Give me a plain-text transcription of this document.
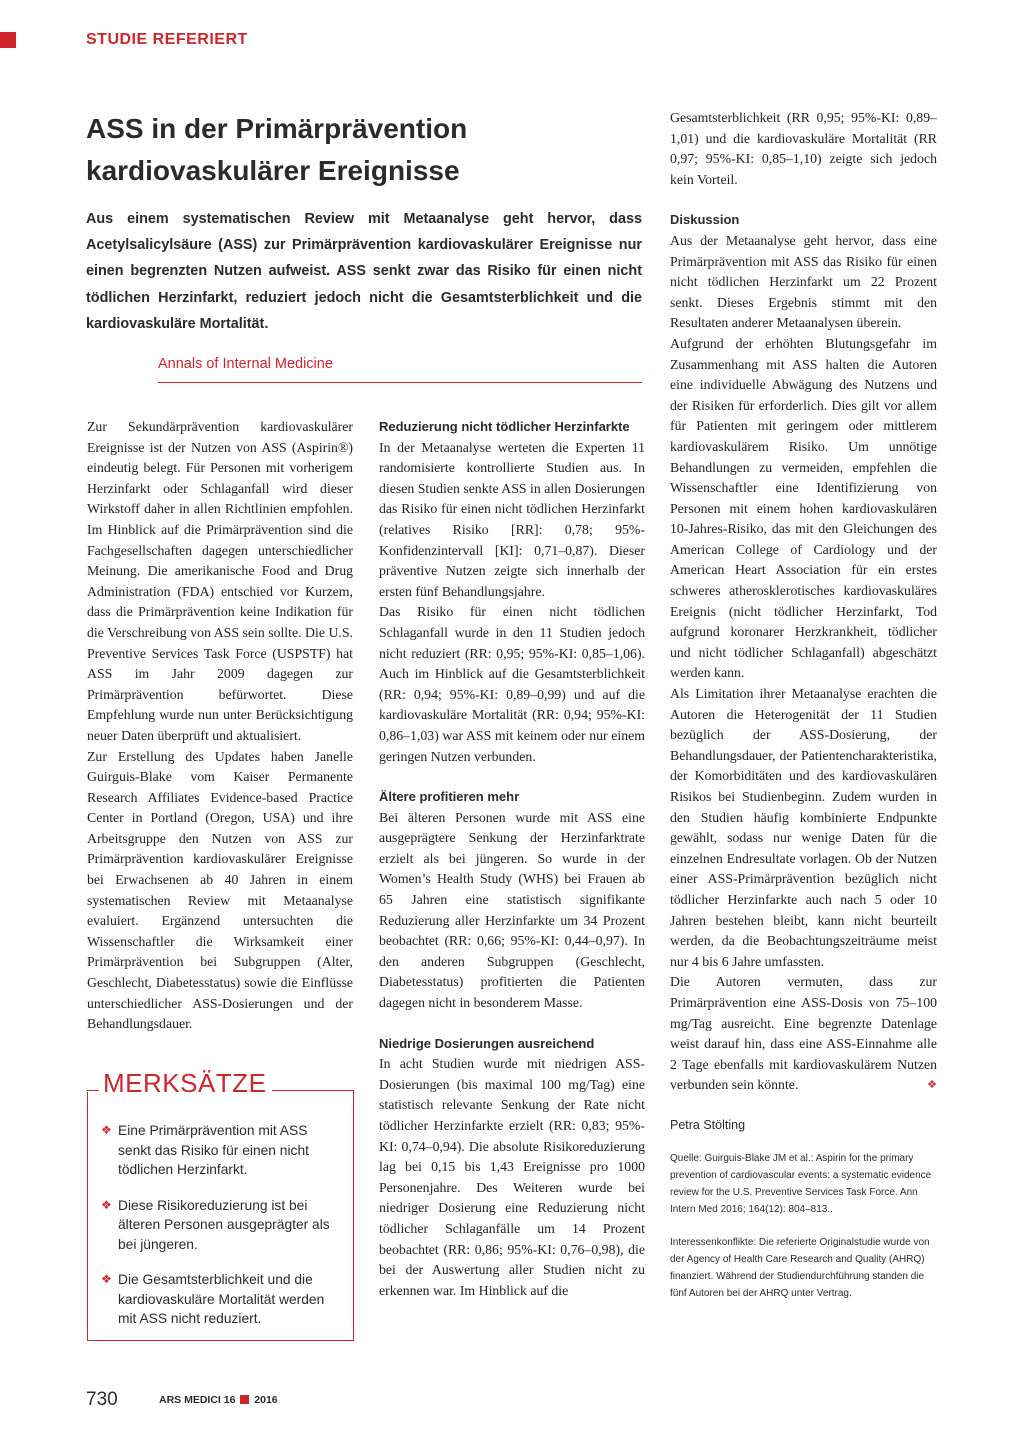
STUDIE REFERIERT
ASS in der Primärprävention kardiovaskulärer Ereignisse

Aus einem systematischen Review mit Metaanalyse geht hervor, dass Acetylsalicylsäure (ASS) zur Primärprävention kardiovaskulärer Ereignisse nur einen begrenzten Nutzen aufweist. ASS senkt zwar das Risiko für einen nicht tödlichen Herzinfarkt, reduziert jedoch nicht die Gesamtsterblichkeit und die kardiovaskuläre Mortalität.

Annals of Internal Medicine

Zur Sekundärprävention kardiovaskulärer Ereignisse ist der Nutzen von ASS (Aspirin®) eindeutig belegt. Für Personen mit vorherigem Herzinfarkt oder Schlaganfall wird dieser Wirkstoff daher in allen Richtlinien empfohlen. Im Hinblick auf die Primärprävention sind die Fachgesellschaften dagegen unterschiedlicher Meinung. Die amerikanische Food and Drug Administration (FDA) entschied vor Kurzem, dass die Primärprävention keine Indikation für die Verschreibung von ASS sein sollte. Die U.S. Preventive Services Task Force (USPSTF) hat ASS im Jahr 2009 dagegen zur Primärprävention befürwortet. Diese Empfehlung wurde nun unter Berücksichtigung neuer Daten überprüft und aktualisiert.

Zur Erstellung des Updates haben Janelle Guirguis-Blake vom Kaiser Permanente Research Affiliates Evidence-based Practice Center in Portland (Oregon, USA) und ihre Arbeitsgruppe den Nutzen von ASS zur Primärprävention kardiovaskulärer Ereignisse bei Erwachsenen ab 40 Jahren in einem systematischen Review mit Metaanalyse evaluiert. Ergänzend untersuchten die Wissenschaftler die Wirksamkeit einer Primärprävention bei Subgruppen (Alter, Geschlecht, Diabetesstatus) sowie die Einflüsse unterschiedlicher ASS-Dosierungen und der Behandlungsdauer.

MERKSÄTZE
❖ Eine Primärprävention mit ASS senkt das Risiko für einen nicht tödlichen Herzinfarkt.
❖ Diese Risikoreduzierung ist bei älteren Personen ausgeprägter als bei jüngeren.
❖ Die Gesamtsterblichkeit und die kardiovaskuläre Mortalität werden mit ASS nicht reduziert.
Reduzierung nicht tödlicher Herzinfarkte

In der Metaanalyse werteten die Experten 11 randomisierte kontrollierte Studien aus. In diesen Studien senkte ASS in allen Dosierungen das Risiko für einen nicht tödlichen Herzinfarkt (relatives Risiko [RR]: 0,78; 95%-Konfidenzintervall [KI]: 0,71–0,87). Dieser präventive Nutzen zeigte sich innerhalb der ersten fünf Behandlungsjahre.

Das Risiko für einen nicht tödlichen Schlaganfall wurde in den 11 Studien jedoch nicht reduziert (RR: 0,95; 95%-KI: 0,85–1,06). Auch im Hinblick auf die Gesamtsterblichkeit (RR: 0,94; 95%-KI: 0,89–0,99) und auf die kardiovaskuläre Mortalität (RR: 0,94; 95%-KI: 0,86–1,03) war ASS mit keinem oder nur einem geringen Nutzen verbunden.

Ältere profitieren mehr

Bei älteren Personen wurde mit ASS eine ausgeprägtere Senkung der Herzinfarktrate erzielt als bei jüngeren. So wurde in der Women’s Health Study (WHS) bei Frauen ab 65 Jahren eine statistisch signifikante Reduzierung aller Herzinfarkte um 34 Prozent beobachtet (RR: 0,66; 95%-KI: 0,44–0,97). In den anderen Subgruppen (Geschlecht, Diabetesstatus) profitierten die Patienten dagegen nicht in besonderem Masse.

Niedrige Dosierungen ausreichend

In acht Studien wurde mit niedrigen ASS-Dosierungen (bis maximal 100 mg/Tag) eine statistisch relevante Senkung der Rate nicht tödlicher Herzinfarkte erzielt (RR: 0,83; 95%-KI: 0,74–0,94). Die absolute Risikoreduzierung lag bei 0,15 bis 1,43 Ereignisse pro 1000 Personenjahre. Des Weiteren wurde bei niedriger Dosierung eine Reduzierung nicht tödlicher Schlaganfälle um 14 Prozent beobachtet (RR: 0,86; 95%-KI: 0,76–0,98), die bei der Auswertung aller Studien nicht zu erkennen war. Im Hinblick auf die

Gesamtsterblichkeit (RR 0,95; 95%-KI: 0,89–1,01) und die kardiovaskuläre Mortalität (RR 0,97; 95%-KI: 0,85–1,10) zeigte sich jedoch kein Vorteil.

Diskussion

Aus der Metaanalyse geht hervor, dass eine Primärprävention mit ASS das Risiko für einen nicht tödlichen Herzinfarkt um 22 Prozent senkt. Dieses Ergebnis stimmt mit den Resultaten anderer Metaanalysen überein.

Aufgrund der erhöhten Blutungsgefahr im Zusammenhang mit ASS halten die Autoren eine individuelle Abwägung des Nutzens und der Risiken für erforderlich. Dies gilt vor allem für Patienten mit geringem oder mittlerem kardiovaskulärem Risiko. Um unnötige Behandlungen zu vermeiden, empfehlen die Wissenschaftler eine Identifizierung von Personen mit einem hohen kardiovaskulären 10-Jahres-Risiko, das mit den Gleichungen des American College of Cardiology und der American Heart Association für ein erstes schweres atherosklerotisches kardiovaskuläres Ereignis (nicht tödlicher Herzinfarkt, Tod aufgrund koronarer Herzkrankheit, tödlicher und nicht tödlicher Schlaganfall) abgeschätzt werden kann.

Als Limitation ihrer Metaanalyse erachten die Autoren die Heterogenität der 11 Studien bezüglich der ASS-Dosierung, der Behandlungsdauer, der Patientencharakteristika, der Komorbiditäten und des kardiovaskulären Risikos bei Studienbeginn. Zudem wurden in den Studien häufig kombinierte Endpunkte gewählt, sodass nur wenige Daten für die einzelnen Endresultate vorlagen. Ob der Nutzen einer ASS-Primärprävention bezüglich nicht tödlicher Herzinfarkte auch nach 5 oder 10 Jahren bestehen bleibt, kann nicht beurteilt werden, da die Beobachtungszeiträume meist nur 4 bis 6 Jahre umfassten.

Die Autoren vermuten, dass zur Primärprävention eine ASS-Dosis von 75–100 mg/Tag ausreicht. Eine begrenzte Datenlage weist darauf hin, dass eine ASS-Einnahme alle 2 Tage ebenfalls mit kardiovaskulärem Nutzen verbunden sein könnte.	❖

Petra Stölting
Quelle: Guirguis-Blake JM et al.: Aspirin for the primary prevention of cardiovascular events: a systematic evidence review for the U.S. Preventive Services Task Force. Ann Intern Med 2016; 164(12): 804–813..
Interessenkonflikte: Die referierte Originalstudie wurde von der Agency of Health Care Research and Quality (AHRQ) finanziert. Während der Studiendurchführung standen die fünf Autoren bei der AHRQ unter Vertrag.
730	ARS MEDICI 16 2016
